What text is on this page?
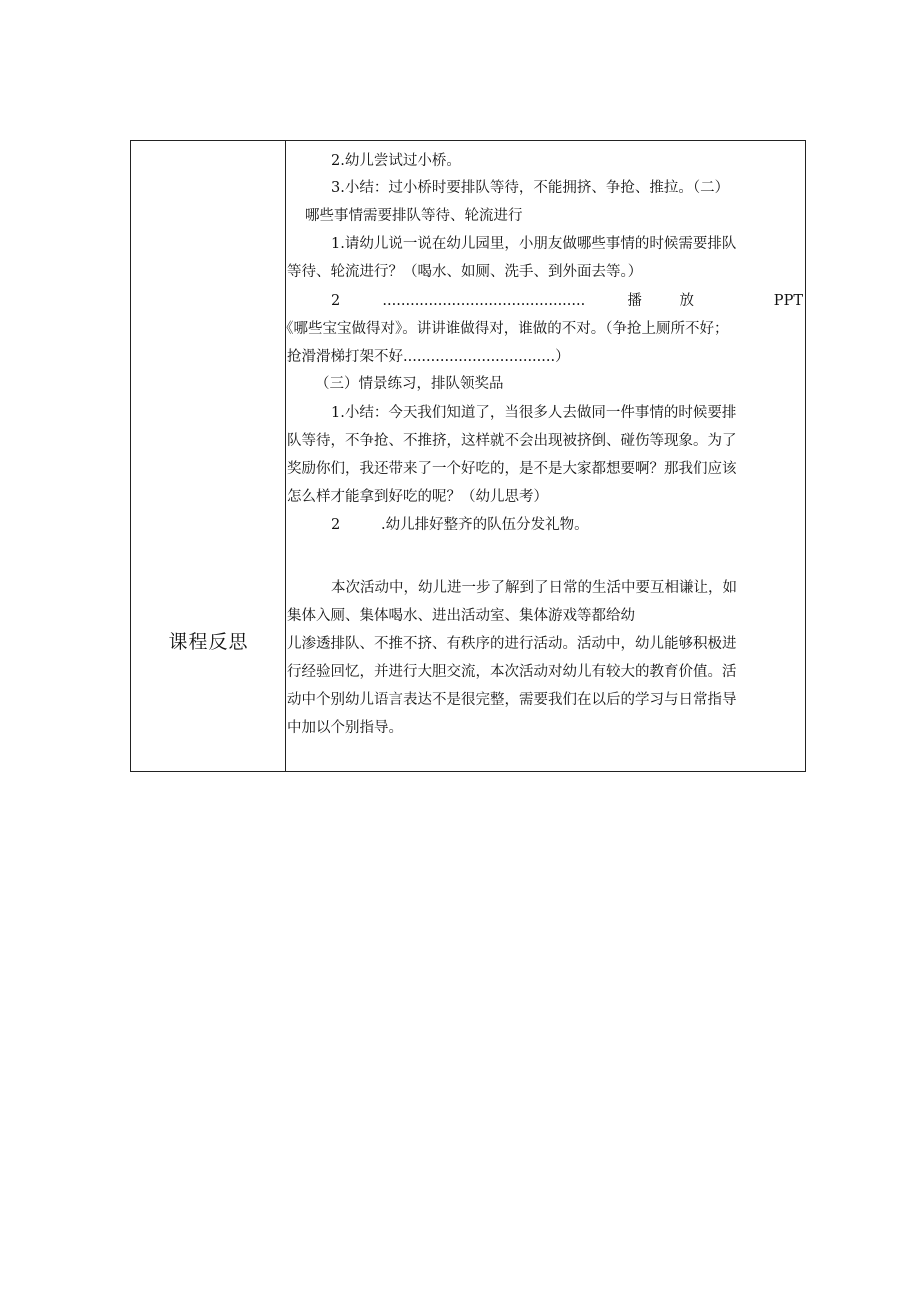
课程反思
2.幼儿尝试过小桥。
3.小结：过小桥时要排队等待，不能拥挤、争抢、推拉。（二）
哪些事情需要排队等待、轮流进行
1.请幼儿说一说在幼儿园里，小朋友做哪些事情的时候需要排队
等待、轮流进行？（喝水、如厕、洗手、到外面去等。）
2 ............................................ 播放 PPT
《哪些宝宝做得对》。讲讲谁做得对，谁做的不对。（争抢上厕所不好；
抢滑滑梯打架不好.................................）
（三）情景练习，排队领奖品
1.小结：今天我们知道了，当很多人去做同一件事情的时候要排
队等待，不争抢、不推挤，这样就不会出现被挤倒、碰伤等现象。为了
奖励你们，我还带来了一个好吃的，是不是大家都想要啊？那我们应该
怎么样才能拿到好吃的呢？（幼儿思考）
2	.幼儿排好整齐的队伍分发礼物。
本次活动中，幼儿进一步了解到了日常的生活中要互相谦让，如
集体入厕、集体喝水、进出活动室、集体游戏等都给幼
儿渗透排队、不推不挤、有秩序的进行活动。活动中，幼儿能够积极进
行经验回忆，并进行大胆交流，本次活动对幼儿有较大的教育价值。活
动中个别幼儿语言表达不是很完整，需要我们在以后的学习与日常指导
中加以个别指导。
